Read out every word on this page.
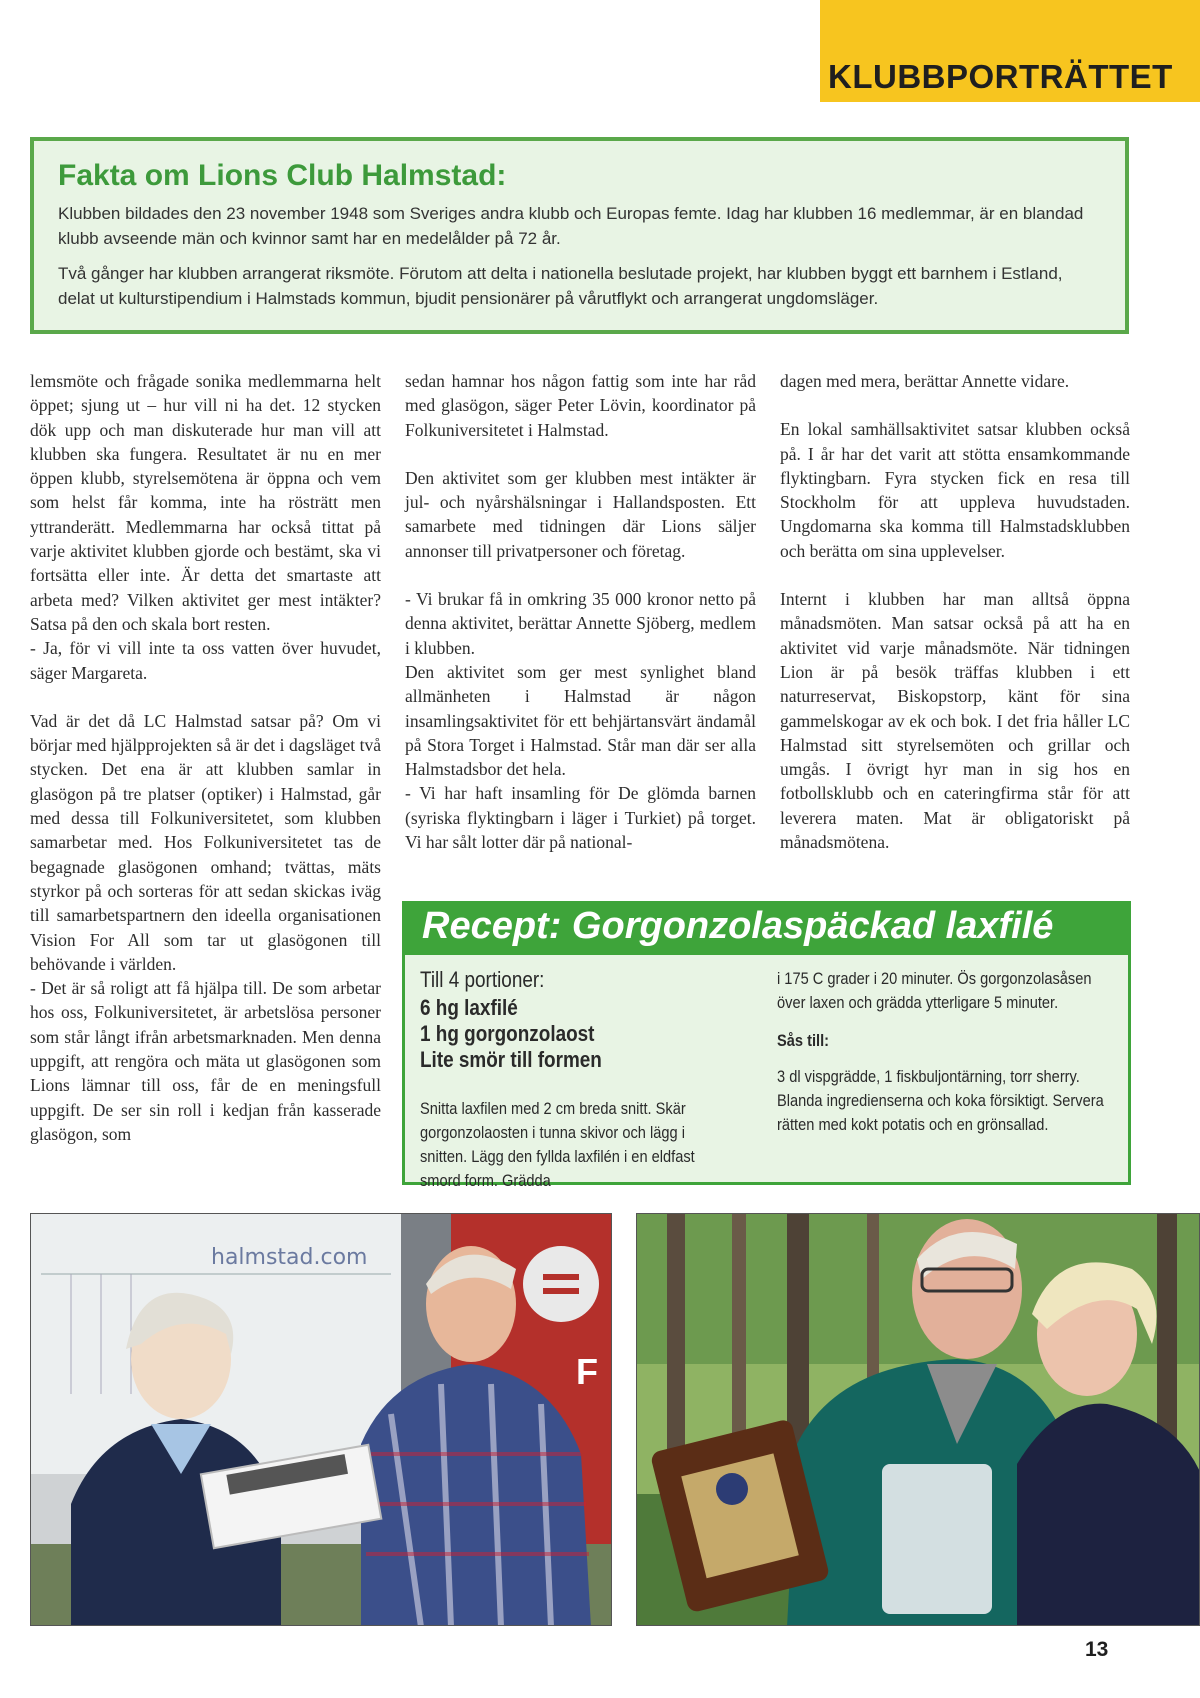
KLUBBPORTRÄTTET
Fakta om Lions Club Halmstad:

Klubben bildades den 23 november 1948 som Sveriges andra klubb och Europas femte. Idag har klubben 16 medlemmar, är en blandad klubb avseende män och kvinnor samt har en medelålder på 72 år.

Två gånger har klubben arrangerat riksmöte. Förutom att delta i nationella beslutade projekt, har klubben byggt ett barnhem i Estland, delat ut kulturstipendium i Halmstads kommun, bjudit pensionärer på vårutflykt och arrangerat ungdomsläger.

lemsmöte och frågade sonika medlemmarna helt öppet; sjung ut – hur vill ni ha det. 12 stycken dök upp och man diskuterade hur man vill att klubben ska fungera. Resultatet är nu en mer öppen klubb, styrelsemötena är öppna och vem som helst får komma, inte ha rösträtt men yttranderätt. Medlemmarna har också tittat på varje aktivitet klubben gjorde och bestämt, ska vi fortsätta eller inte. Är detta det smartaste att arbeta med? Vilken aktivitet ger mest intäkter? Satsa på den och skala bort resten.

- Ja, för vi vill inte ta oss vatten över huvudet, säger Margareta.

Vad är det då LC Halmstad satsar på? Om vi börjar med hjälpprojekten så är det i dagsläget två stycken. Det ena är att klubben samlar in glasögon på tre platser (optiker) i Halmstad, går med dessa till Folkuniversitetet, som klubben samarbetar med. Hos Folkuniversitetet tas de begagnade glasögonen omhand; tvättas, mäts styrkor på och sorteras för att sedan skickas iväg till samarbetspartnern den ideella organisationen Vision For All som tar ut glasögonen till behövande i världen.

- Det är så roligt att få hjälpa till. De som arbetar hos oss, Folkuniversitetet, är arbetslösa personer som står långt ifrån arbetsmarknaden. Men denna uppgift, att rengöra och mäta ut glasögonen som Lions lämnar till oss, får de en meningsfull uppgift. De ser sin roll i kedjan från kasserade glasögon, som

sedan hamnar hos någon fattig som inte har råd med glasögon, säger Peter Lövin, koordinator på Folkuniversitetet i Halmstad.

Den aktivitet som ger klubben mest intäkter är jul- och nyårshälsningar i Hallandsposten. Ett samarbete med tidningen där Lions säljer annonser till privatpersoner och företag.

- Vi brukar få in omkring 35 000 kronor netto på denna aktivitet, berättar Annette Sjöberg, medlem i klubben.

Den aktivitet som ger mest synlighet bland allmänheten i Halmstad är någon insamlingsaktivitet för ett behjärtansvärt ändamål på Stora Torget i Halmstad. Står man där ser alla Halmstadsbor det hela.

- Vi har haft insamling för De glömda barnen (syriska flyktingbarn i läger i Turkiet) på torget. Vi har sålt lotter där på national-

dagen med mera, berättar Annette vidare.

En lokal samhällsaktivitet satsar klubben också på. I år har det varit att stötta ensamkommande flyktingbarn. Fyra stycken fick en resa till Stockholm för att uppleva huvudstaden. Ungdomarna ska komma till Halmstadsklubben och berätta om sina upplevelser.

Internt i klubben har man alltså öppna månadsmöten. Man satsar också på att ha en aktivitet vid varje månadsmöte. När tidningen Lion är på besök träffas klubben i ett naturreservat, Biskopstorp, känt för sina gammelskogar av ek och bok. I det fria håller LC Halmstad sitt styrelsemöten och grillar och umgås. I övrigt hyr man in sig hos en fotbollsklubb och en cateringfirma står för att leverera maten. Mat är obligatoriskt på månadsmötena.

Recept: Gorgonzolaspäckad laxfilé
Till 4 portioner:
6 hg laxfilé
1 hg gorgonzolaost
Lite smör till formen
Snitta laxfilen med 2 cm breda snitt. Skär gorgonzolaosten i tunna skivor och lägg i snitten. Lägg den fyllda laxfilén i en eldfast smord form. Grädda

i 175 C grader i 20 minuter. Ös gorgonzolasåsen över laxen och grädda ytterligare 5 minuter.

Sås till:

3 dl vispgrädde, 1 fiskbuljontärning, torr sherry. Blanda ingredienserna och koka försiktigt. Servera rätten med kokt potatis och en grönsallad.

F
halmstad.com
13
